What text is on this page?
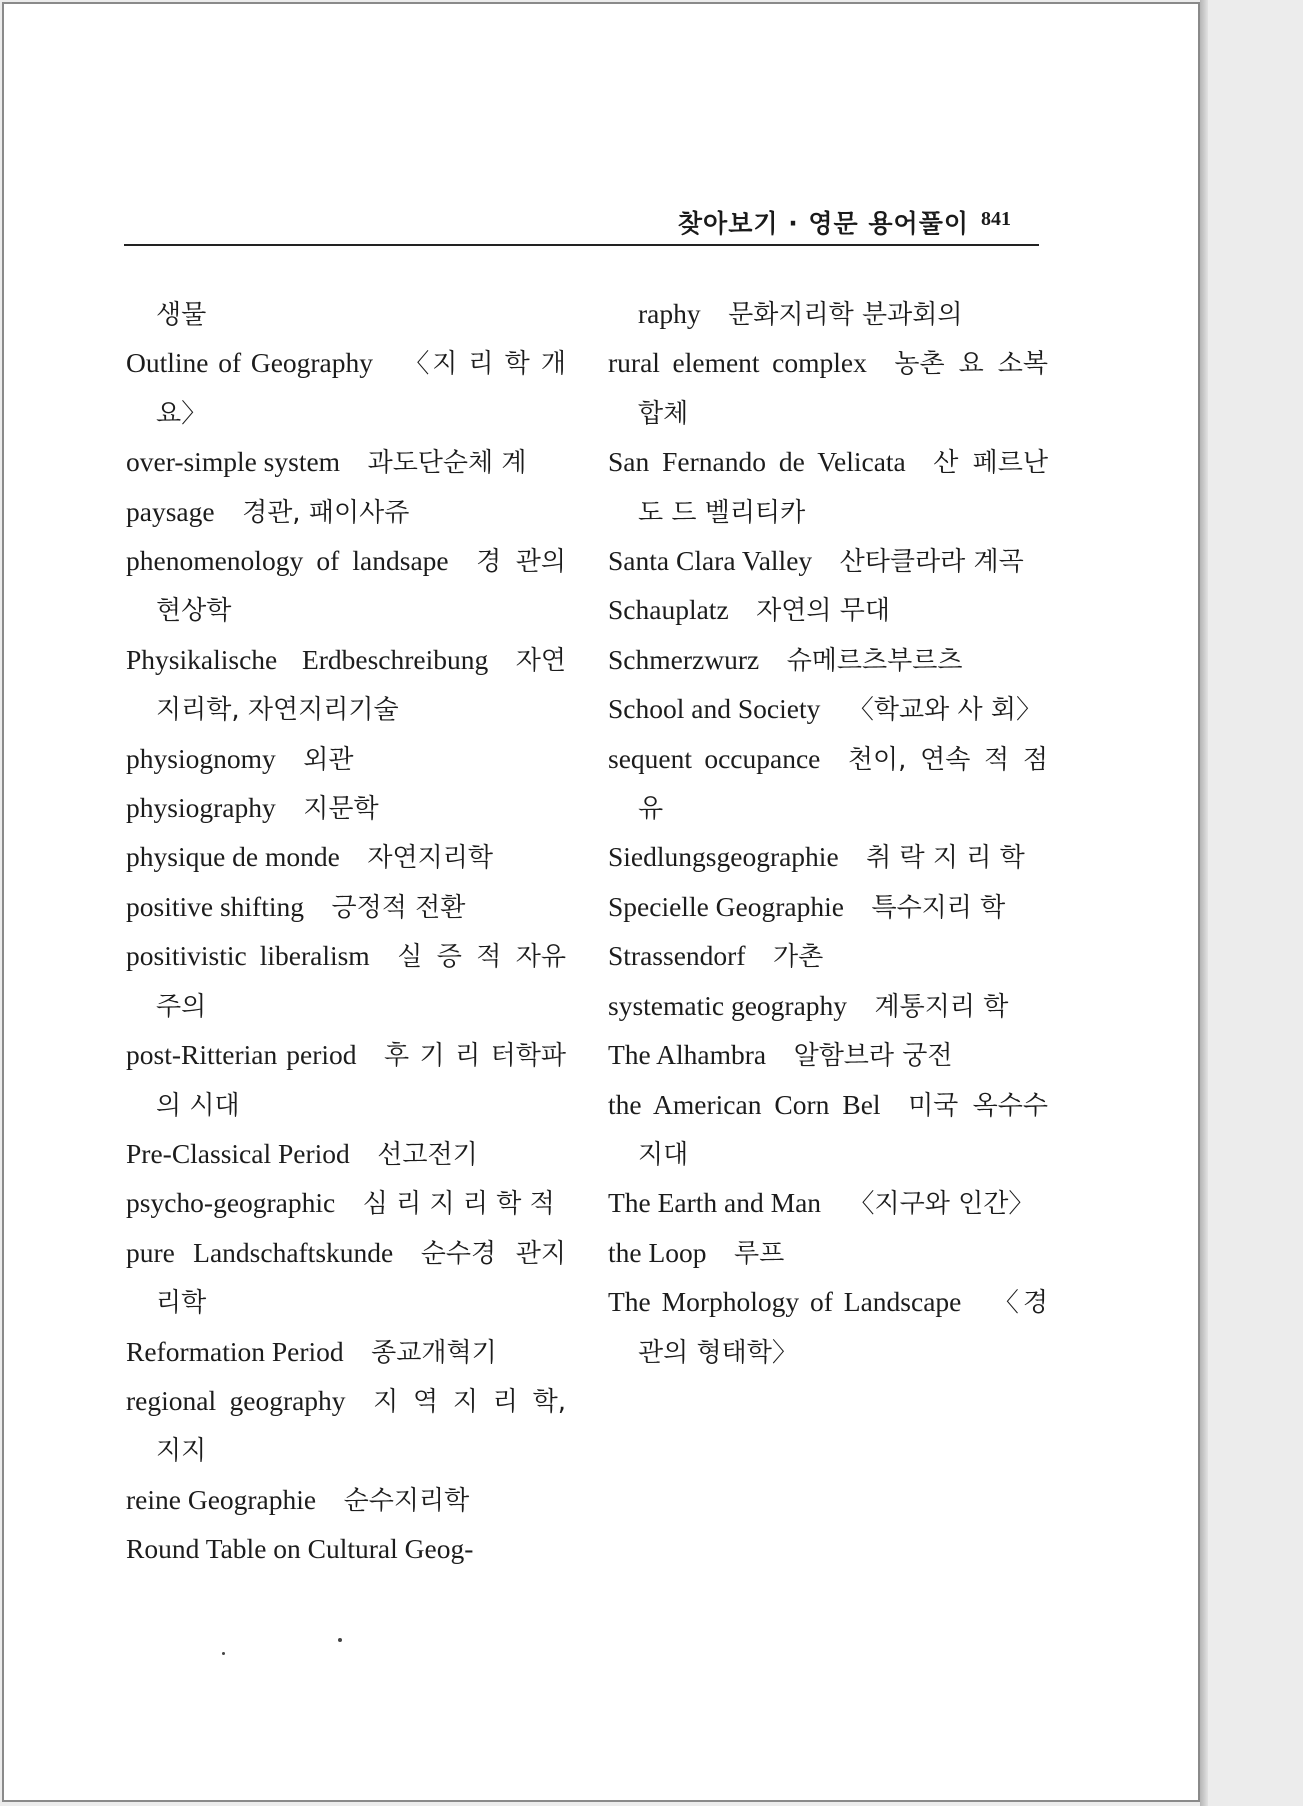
찾아보기 · 영문 용어풀이 841
생물
Outline of Geography  〈지 리 학 개요〉
over-simple system  과도단순체 계
paysage  경관, 패이사쥬
phenomenology of landsape  경 관의 현상학
Physikalische Erdbeschreibung  자연지리학, 자연지리기술
physiognomy  외관
physiography  지문학
physique de monde  자연지리학
positive shifting  긍정적 전환
positivistic liberalism  실 증 적 자유주의
post-Ritterian period  후 기 리 터학파의 시대
Pre-Classical Period  선고전기
psycho-geographic  심 리 지 리 학 적
pure Landschaftskunde  순수경 관지리학
Reformation Period  종교개혁기
regional geography  지 역 지 리 학, 지지
reine Geographie  순수지리학
Round Table on Cultural Geog-
raphy  문화지리학 분과회의
rural element complex  농촌 요 소복합체
San Fernando de Velicata  산 페르난도 드 벨리티카
Santa Clara Valley  산타클라라 계곡
Schauplatz  자연의 무대
Schmerzwurz  슈메르츠부르츠
School and Society  〈학교와 사 회〉
sequent occupance  천이, 연속 적 점유
Siedlungsgeographie  취 락 지 리 학
Specielle Geographie  특수지리 학
Strassendorf  가촌
systematic geography  계통지리 학
The Alhambra  알함브라 궁전
the American Corn Bel  미국 옥수수 지대
The Earth and Man  〈지구와 인간〉
the Loop  루프
The Morphology of Landscape  〈경관의 형태학〉
